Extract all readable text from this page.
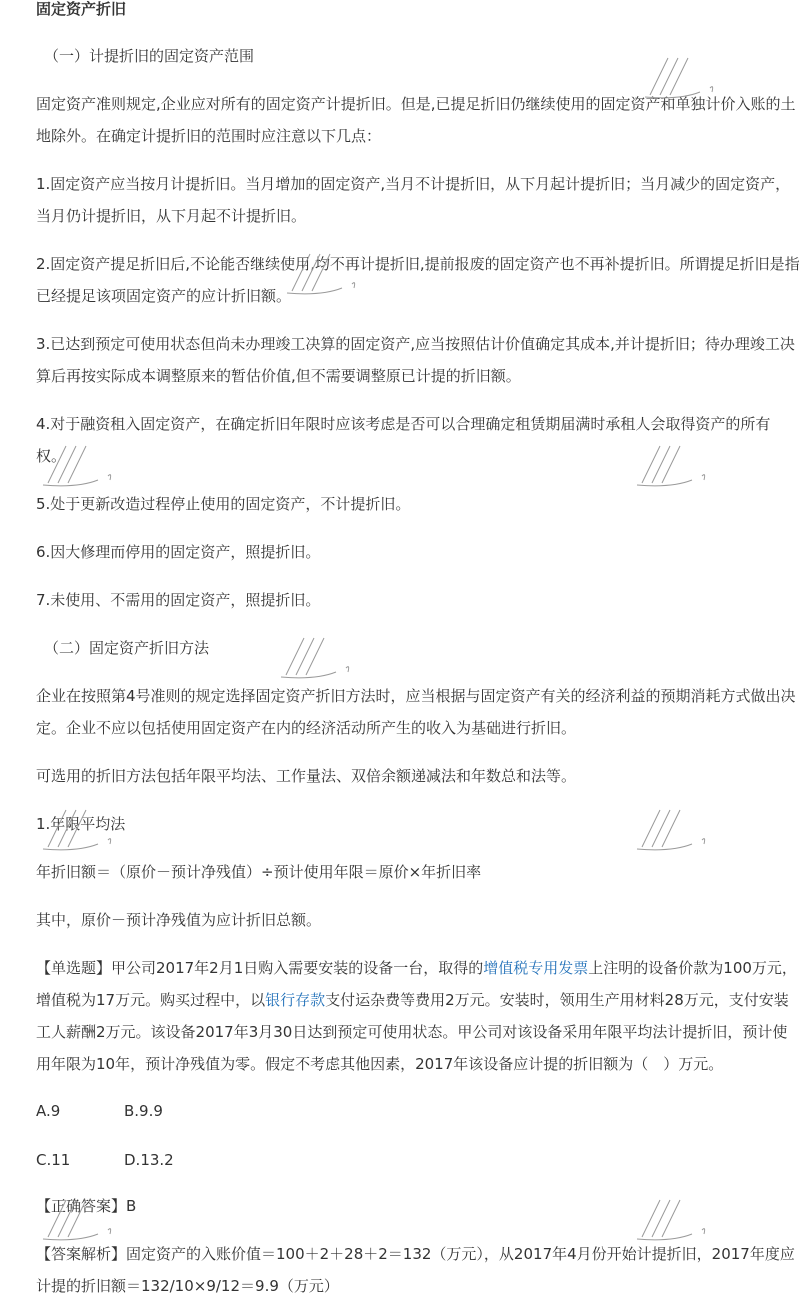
固定资产折旧

（一）计提折旧的固定资产范围

固定资产准则规定,企业应对所有的固定资产计提折旧。但是,已提足折旧仍继续使用的固定资产和单独计价入账的土地除外。在确定计提折旧的范围时应注意以下几点：

1.固定资产应当按月计提折旧。当月增加的固定资产,当月不计提折旧，从下月起计提折旧；当月减少的固定资产，当月仍计提折旧，从下月起不计提折旧。

2.固定资产提足折旧后,不论能否继续使用,均不再计提折旧,提前报废的固定资产也不再补提折旧。所谓提足折旧是指已经提足该项固定资产的应计折旧额。

3.已达到预定可使用状态但尚未办理竣工决算的固定资产,应当按照估计价值确定其成本,并计提折旧；待办理竣工决算后再按实际成本调整原来的暂估价值,但不需要调整原已计提的折旧额。

4.对于融资租入固定资产，在确定折旧年限时应该考虑是否可以合理确定租赁期届满时承租人会取得资产的所有权。

5.处于更新改造过程停止使用的固定资产，不计提折旧。

6.因大修理而停用的固定资产，照提折旧。

7.未使用、不需用的固定资产，照提折旧。

（二）固定资产折旧方法

企业在按照第4号准则的规定选择固定资产折旧方法时，应当根据与固定资产有关的经济利益的预期消耗方式做出决定。企业不应以包括使用固定资产在内的经济活动所产生的收入为基础进行折旧。

可选用的折旧方法包括年限平均法、工作量法、双倍余额递减法和年数总和法等。

1.年限平均法

年折旧额＝（原价－预计净残值）÷预计使用年限＝原价×年折旧率

其中，原价－预计净残值为应计折旧总额。

【单选题】甲公司2017年2月1日购入需要安装的设备一台，取得的增值税专用发票上注明的设备价款为100万元，增值税为17万元。购买过程中，以银行存款支付运杂费等费用2万元。安装时，领用生产用材料28万元，支付安装工人薪酬2万元。该设备2017年3月30日达到预定可使用状态。甲公司对该设备采用年限平均法计提折旧，预计使用年限为10年，预计净残值为零。假定不考虑其他因素，2017年该设备应计提的折旧额为（　）万元。

A.9	B.9.9
C.11	D.13.2

【正确答案】B

【答案解析】固定资产的入账价值＝100＋2＋28＋2＝132（万元），从2017年4月份开始计提折旧，2017年度应计提的折旧额＝132/10×9/12＝9.9（万元）
